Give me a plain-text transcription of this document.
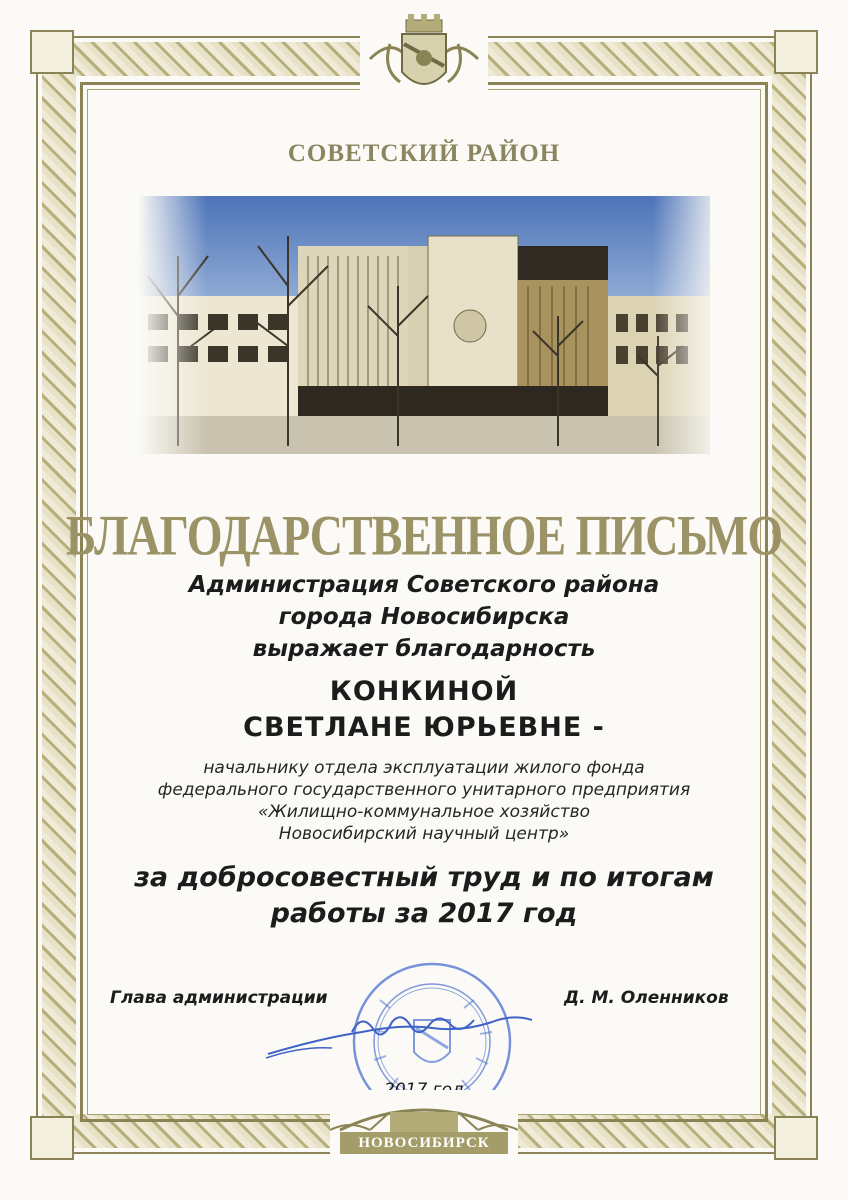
СОВЕТСКИЙ РАЙОН
БЛАГОДАРСТВЕННОЕ ПИСЬМО
Администрация Советского района
города Новосибирска
выражает благодарность
КОНКИНОЙ
СВЕТЛАНЕ ЮРЬЕВНЕ -
начальнику отдела эксплуатации жилого фонда
федерального государственного унитарного предприятия
«Жилищно-коммунальное хозяйство
Новосибирский научный центр»
за добросовестный труд и по итогам
работы за 2017 год
Глава администрации	Д. М. Оленников
НОВОСИБИРСК
